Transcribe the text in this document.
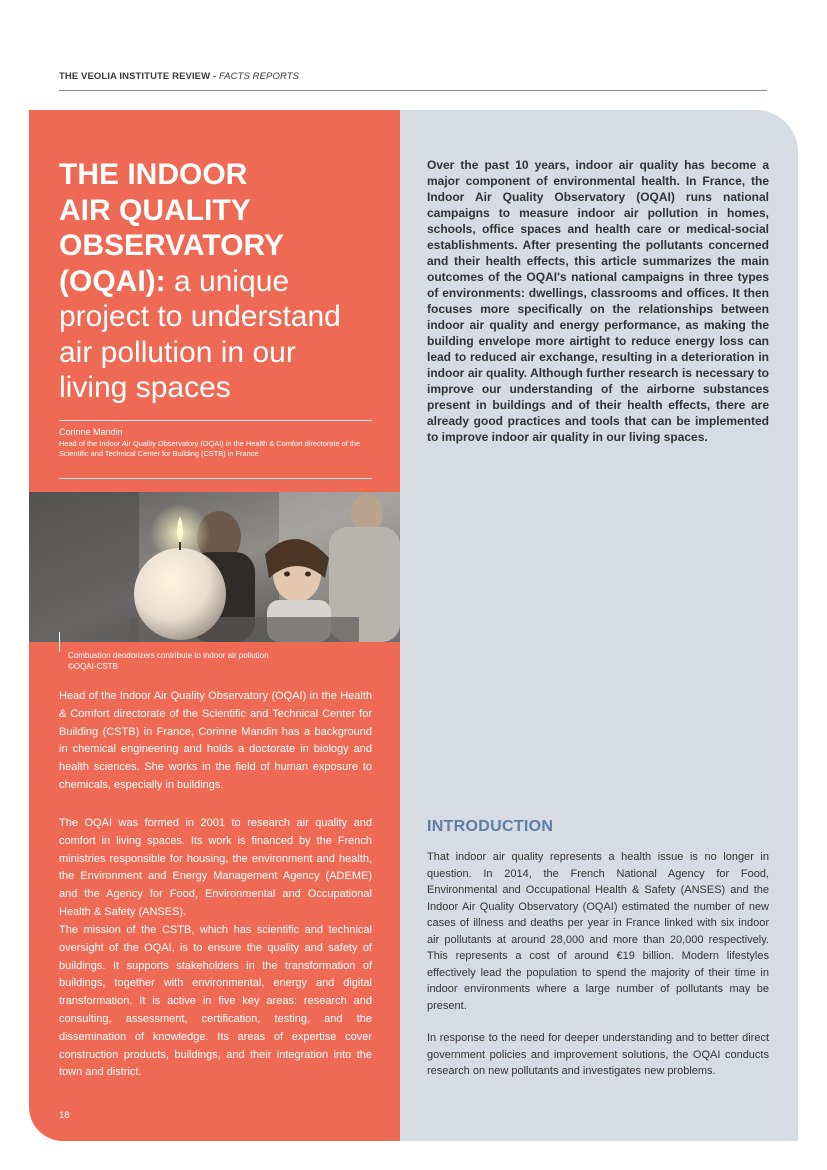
THE VEOLIA INSTITUTE REVIEW - FACTS REPORTS
THE INDOOR
AIR QUALITY
OBSERVATORY
(OQAI): a unique
project to understand
air pollution in our
living spaces
Corinne Mandin
Head of the Indoor Air Quality Observatory (OQAI) in the Health & Comfort directorate of the Scientific and Technical Center for Building (CSTB) in France
Combustion deodorizers contribute to indoor air pollution
©OQAI-CSTB

Head of the Indoor Air Quality Observatory (OQAI) in the Health & Comfort directorate of the Scientific and Technical Center for Building (CSTB) in France, Corinne Mandin has a background in chemical engineering and holds a doctorate in biology and health sciences. She works in the field of human exposure to chemicals, especially in buildings.

The OQAI was formed in 2001 to research air quality and comfort in living spaces. Its work is financed by the French ministries responsible for housing, the environment and health, the Environment and Energy Management Agency (ADEME) and the Agency for Food, Environmental and Occupational Health & Safety (ANSES).

The mission of the CSTB, which has scientific and technical oversight of the OQAI, is to ensure the quality and safety of buildings. It supports stakeholders in the transformation of buildings, together with environmental, energy and digital transformation. It is active in five key areas: research and consulting, assessment, certification, testing, and the dissemination of knowledge. Its areas of expertise cover construction products, buildings, and their integration into the town and district.

Over the past 10 years, indoor air quality has become a major component of environmental health. In France, the Indoor Air Quality Observatory (OQAI) runs national campaigns to measure indoor air pollution in homes, schools, office spaces and health care or medical-social establishments. After presenting the pollutants concerned and their health effects, this article summarizes the main outcomes of the OQAI's national campaigns in three types of environments: dwellings, classrooms and offices. It then focuses more specifically on the relationships between indoor air quality and energy performance, as making the building envelope more airtight to reduce energy loss can lead to reduced air exchange, resulting in a deterioration in indoor air quality. Although further research is necessary to improve our understanding of the airborne substances present in buildings and of their health effects, there are already good practices and tools that can be implemented to improve indoor air quality in our living spaces.

INTRODUCTION

That indoor air quality represents a health issue is no longer in question. In 2014, the French National Agency for Food, Environmental and Occupational Health & Safety (ANSES) and the Indoor Air Quality Observatory (OQAI) estimated the number of new cases of illness and deaths per year in France linked with six indoor air pollutants at around 28,000 and more than 20,000 respectively. This represents a cost of around €19 billion. Modern lifestyles effectively lead the population to spend the majority of their time in indoor environments where a large number of pollutants may be present.

In response to the need for deeper understanding and to better direct government policies and improvement solutions, the OQAI conducts research on new pollutants and investigates new problems.

18
